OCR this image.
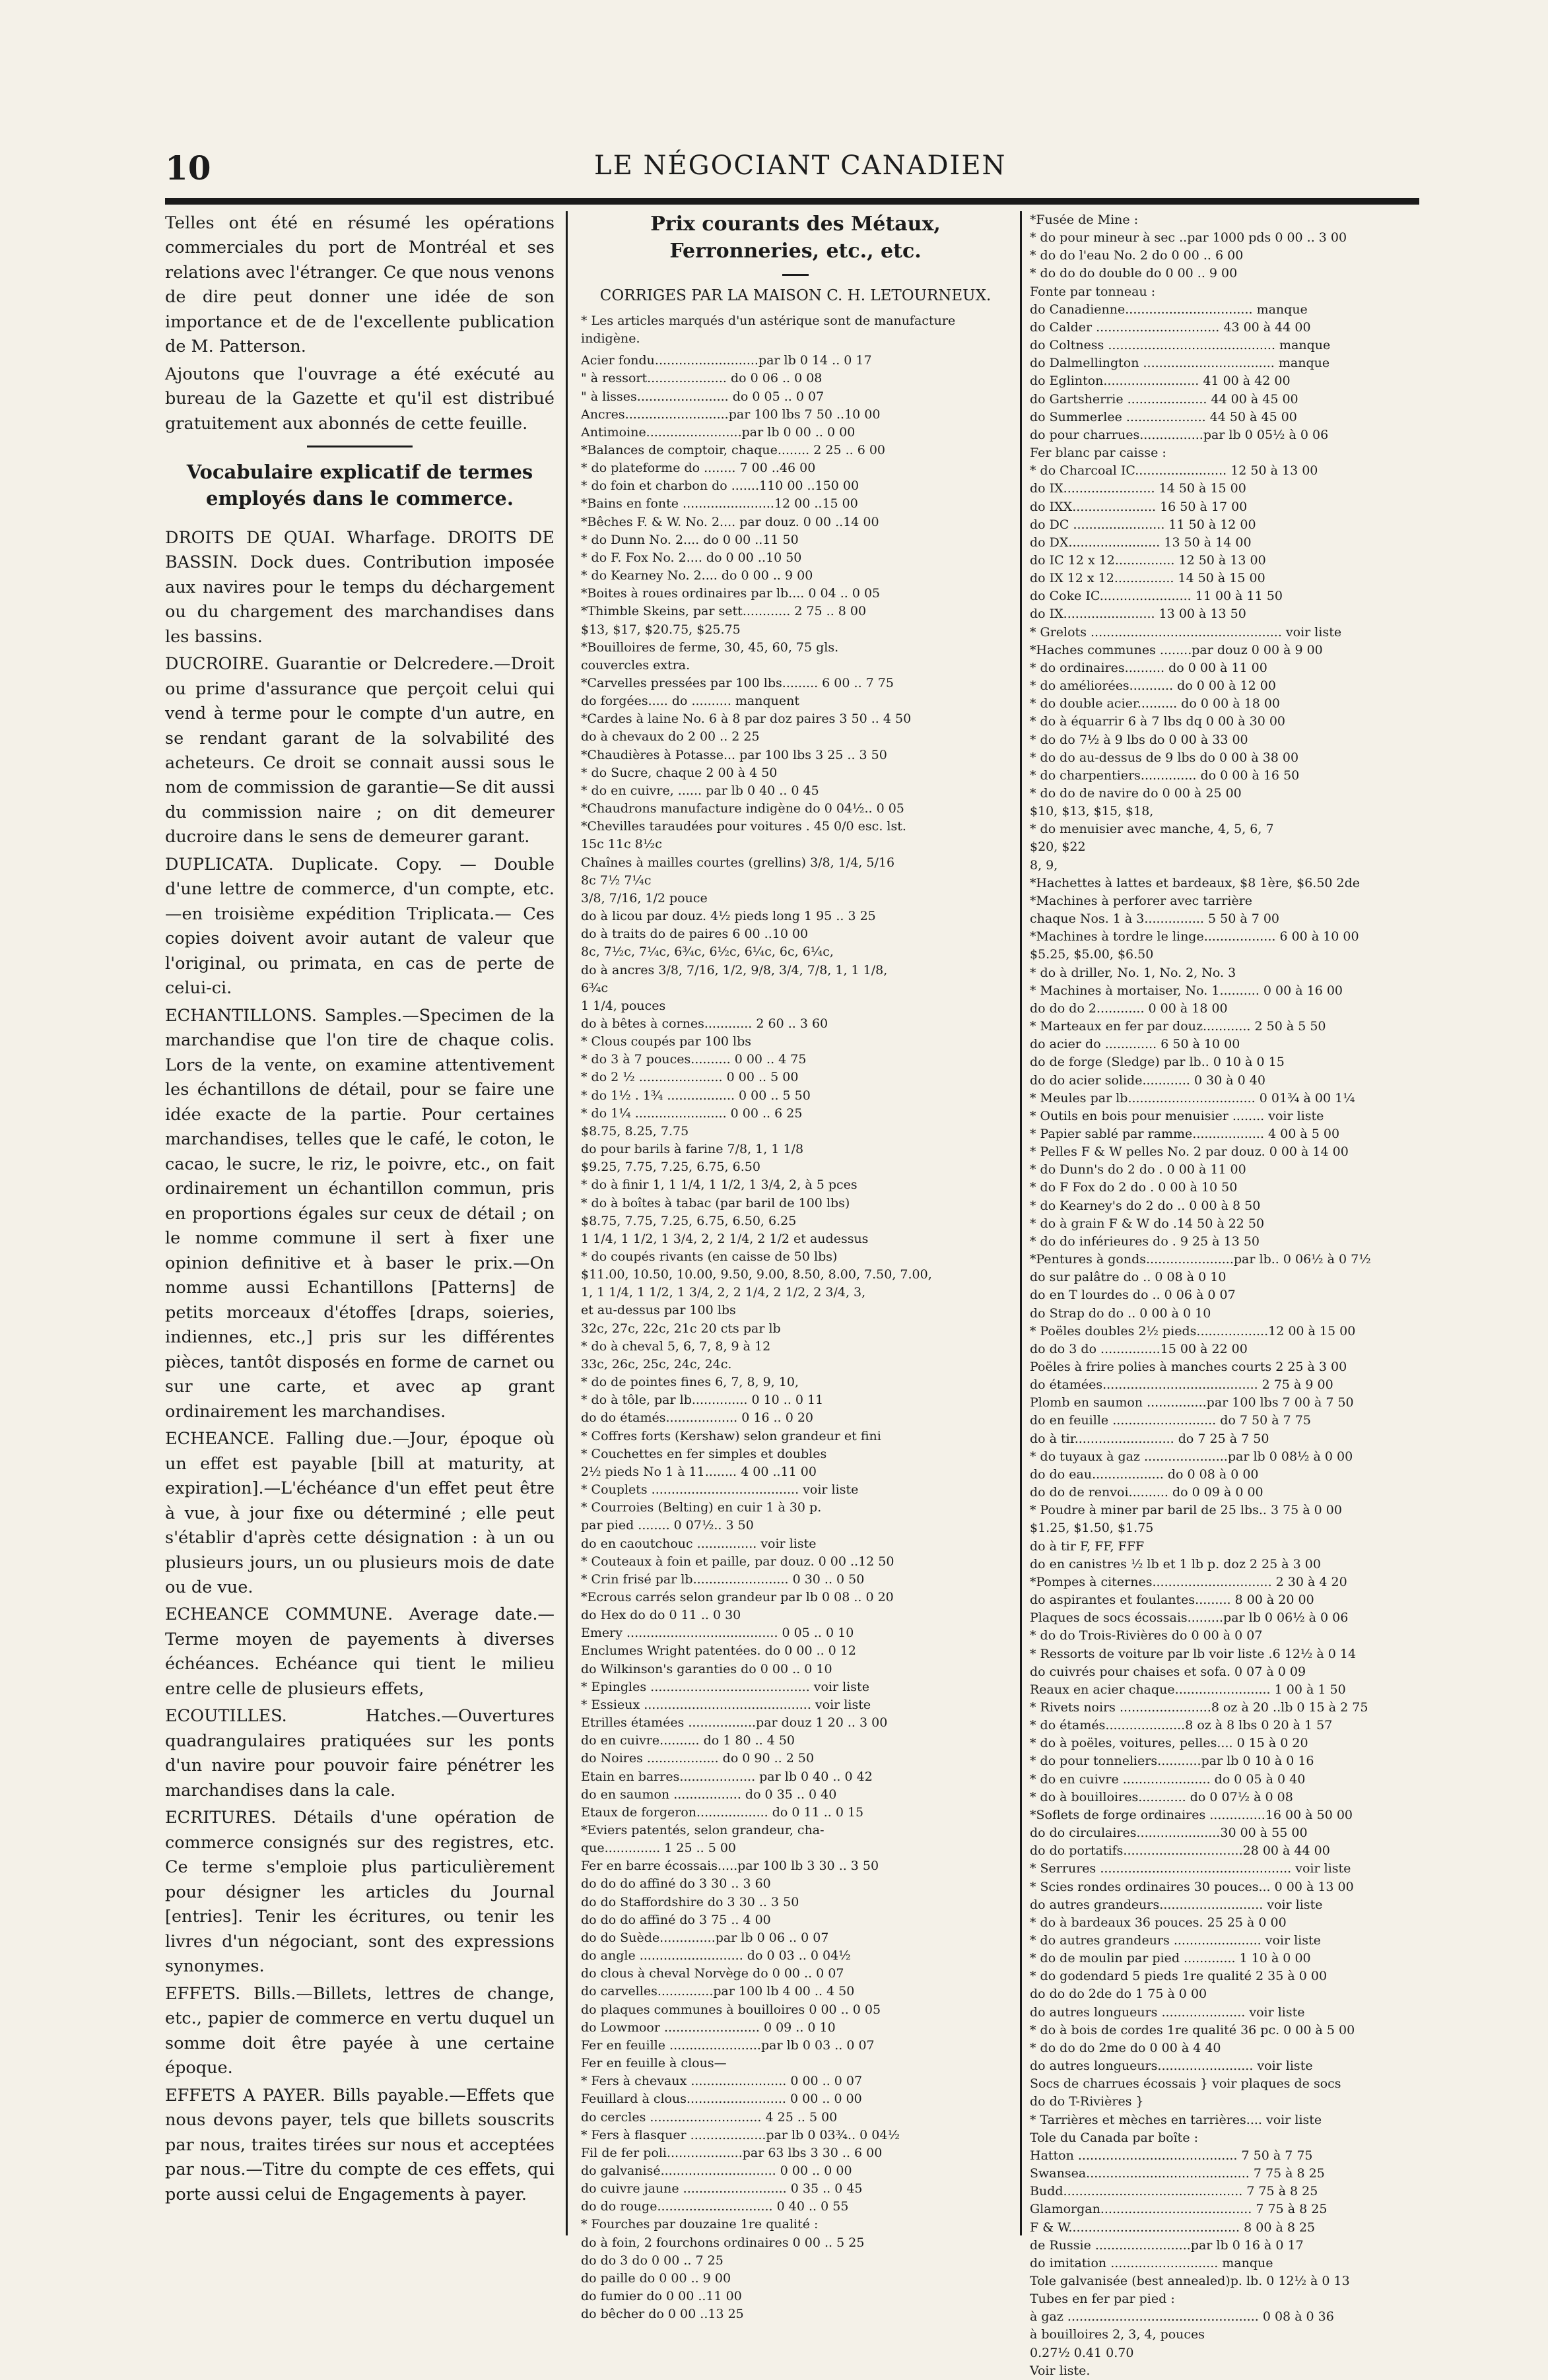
10	LE NÉGOCIANT CANADIEN

Telles ont été en résumé les opérations commerciales du port de Montréal et ses relations avec l'étranger. Ce que nous venons de dire peut donner une idée de son importance et de de l'excellente publication de M. Patterson.

Ajoutons que l'ouvrage a été exécuté au bureau de la Gazette et qu'il est distribué gratuitement aux abonnés de cette feuille.

Vocabulaire explicatif de termes employés dans le commerce.

DROITS DE QUAI. Wharfage. DROITS DE BASSIN. Dock dues. Contribution imposée aux navires pour le temps du déchargement ou du chargement des marchandises dans les bassins.

DUCROIRE. Guarantie or Delcredere.—Droit ou prime d'assurance que perçoit celui qui vend à terme pour le compte d'un autre, en se rendant garant de la solvabilité des acheteurs. Ce droit se connait aussi sous le nom de commission de garantie—Se dit aussi du commission naire ; on dit demeurer ducroire dans le sens de demeurer garant.

DUPLICATA. Duplicate. Copy. — Double d'une lettre de commerce, d'un compte, etc. —en troisième expédition Triplicata.— Ces copies doivent avoir autant de valeur que l'original, ou primata, en cas de perte de celui-ci.

ECHANTILLONS. Samples.—Specimen de la marchandise que l'on tire de chaque colis. Lors de la vente, on examine attentivement les échantillons de détail, pour se faire une idée exacte de la partie. Pour certaines marchandises, telles que le café, le coton, le cacao, le sucre, le riz, le poivre, etc., on fait ordinairement un échantillon commun, pris en proportions égales sur ceux de détail ; on le nomme commune il sert à fixer une opinion definitive et à baser le prix.—On nomme aussi Echantillons [Patterns] de petits morceaux d'étoffes [draps, soieries, indiennes, etc.,] pris sur les différentes pièces, tantôt disposés en forme de carnet ou sur une carte, et avec ap grant ordinairement les marchandises.

ECHEANCE. Falling due.—Jour, époque où un effet est payable [bill at maturity, at expiration].—L'échéance d'un effet peut être à vue, à jour fixe ou déterminé ; elle peut s'établir d'après cette désignation : à un ou plusieurs jours, un ou plusieurs mois de date ou de vue.

ECHEANCE COMMUNE. Average date.—Terme moyen de payements à diverses échéances. Echéance qui tient le milieu entre celle de plusieurs effets,

ECOUTILLES. Hatches.—Ouvertures quadrangulaires pratiquées sur les ponts d'un navire pour pouvoir faire pénétrer les marchandises dans la cale.

ECRITURES. Détails d'une opération de commerce consignés sur des registres, etc. Ce terme s'emploie plus particulièrement pour désigner les articles du Journal [entries]. Tenir les écritures, ou tenir les livres d'un négociant, sont des expressions synonymes.

EFFETS. Bills.—Billets, lettres de change, etc., papier de commerce en vertu duquel un somme doit être payée à une certaine époque.

EFFETS A PAYER. Bills payable.—Effets que nous devons payer, tels que billets souscrits par nous, traites tirées sur nous et acceptées par nous.—Titre du compte de ces effets, qui porte aussi celui de Engagements à payer.

Prix courants des Métaux, Ferronneries, etc., etc.
CORRIGES PAR LA MAISON C. H. LETOURNEUX.
* Les articles marqués d'un astérique sont de manufacture indigène.
Acier fondu..........................par lb 0 14 .. 0 17
" à ressort.................... do 0 06 .. 0 08
" à lisses....................... do 0 05 .. 0 07
Ancres..........................par 100 lbs 7 50 ..10 00
Antimoine........................par lb 0 00 .. 0 00
*Balances de comptoir, chaque........ 2 25 .. 6 00
* do plateforme do ........ 7 00 ..46 00
* do foin et charbon do .......110 00 ..150 00
*Bains en fonte .......................12 00 ..15 00
*Bêches F. & W. No. 2.... par douz. 0 00 ..14 00
* do Dunn No. 2.... do 0 00 ..11 50
* do F. Fox No. 2.... do 0 00 ..10 50
* do Kearney No. 2.... do 0 00 .. 9 00
*Boites à roues ordinaires par lb.... 0 04 .. 0 05
*Thimble Skeins, par sett............ 2 75 .. 8 00
$13, $17, $20.75, $25.75
*Bouilloires de ferme, 30, 45, 60, 75 gls.
couvercles extra.
*Carvelles pressées par 100 lbs......... 6 00 .. 7 75
do forgées..... do .......... manquent
*Cardes à laine No. 6 à 8 par doz paires 3 50 .. 4 50
do à chevaux do 2 00 .. 2 25
*Chaudières à Potasse... par 100 lbs 3 25 .. 3 50
* do Sucre, chaque 2 00 à 4 50
* do en cuivre, ...... par lb 0 40 .. 0 45
*Chaudrons manufacture indigène do 0 04½.. 0 05
*Chevilles taraudées pour voitures . 45 0/0 esc. lst.
15c 11c 8½c
Chaînes à mailles courtes (grellins) 3/8, 1/4, 5/16
8c 7½ 7¼c
3/8, 7/16, 1/2 pouce
do à licou par douz. 4½ pieds long 1 95 .. 3 25
do à traits do de paires 6 00 ..10 00
8c, 7½c, 7¼c, 6¾c, 6½c, 6¼c, 6c, 6¼c,
do à ancres 3/8, 7/16, 1/2, 9/8, 3/4, 7/8, 1, 1 1/8,
6¾c
1 1/4, pouces
do à bêtes à cornes............ 2 60 .. 3 60
* Clous coupés par 100 lbs
* do 3 à 7 pouces.......... 0 00 .. 4 75
* do 2 ½ ..................... 0 00 .. 5 00
* do 1½ . 1¾ ................. 0 00 .. 5 50
* do 1¼ ....................... 0 00 .. 6 25
$8.75, 8.25, 7.75
do pour barils à farine 7/8, 1, 1 1/8
$9.25, 7.75, 7.25, 6.75, 6.50
* do à finir 1, 1 1/4, 1 1/2, 1 3/4, 2, à 5 pces
* do à boîtes à tabac (par baril de 100 lbs)
$8.75, 7.75, 7.25, 6.75, 6.50, 6.25
1 1/4, 1 1/2, 1 3/4, 2, 2 1/4, 2 1/2 et audessus
* do coupés rivants (en caisse de 50 lbs)
$11.00, 10.50, 10.00, 9.50, 9.00, 8.50, 8.00, 7.50, 7.00,
1, 1 1/4, 1 1/2, 1 3/4, 2, 2 1/4, 2 1/2, 2 3/4, 3,
et au-dessus par 100 lbs
32c, 27c, 22c, 21c 20 cts par lb
* do à cheval 5, 6, 7, 8, 9 à 12
33c, 26c, 25c, 24c, 24c.
* do de pointes fines 6, 7, 8, 9, 10,
* do à tôle, par lb.............. 0 10 .. 0 11
do do étamés.................. 0 16 .. 0 20
* Coffres forts (Kershaw) selon grandeur et fini
* Couchettes en fer simples et doubles
2½ pieds No 1 à 11........ 4 00 ..11 00
* Couplets ..................................... voir liste
* Courroies (Belting) en cuir 1 à 30 p.
par pied ........ 0 07½.. 3 50
do en caoutchouc ............... voir liste
* Couteaux à foin et paille, par douz. 0 00 ..12 50
* Crin frisé par lb........................ 0 30 .. 0 50
*Ecrous carrés selon grandeur par lb 0 08 .. 0 20
do Hex do do 0 11 .. 0 30
Emery ...................................... 0 05 .. 0 10
Enclumes Wright patentées. do 0 00 .. 0 12
do Wilkinson's garanties do 0 00 .. 0 10
* Epingles ........................................ voir liste
* Essieux .......................................... voir liste
Etrilles étamées .................par douz 1 20 .. 3 00
do en cuivre.......... do 1 80 .. 4 50
do Noires .................. do 0 90 .. 2 50
Etain en barres................... par lb 0 40 .. 0 42
do en saumon ................. do 0 35 .. 0 40
Etaux de forgeron.................. do 0 11 .. 0 15
*Eviers patentés, selon grandeur, cha-
que.............. 1 25 .. 5 00
Fer en barre écossais.....par 100 lb 3 30 .. 3 50
do do do affiné do 3 30 .. 3 60
do do Staffordshire do 3 30 .. 3 50
do do do affiné do 3 75 .. 4 00
do do Suède..............par lb 0 06 .. 0 07
do angle .......................... do 0 03 .. 0 04½
do clous à cheval Norvège do 0 00 .. 0 07
do carvelles..............par 100 lb 4 00 .. 4 50
do plaques communes à bouilloires 0 00 .. 0 05
do Lowmoor ........................ 0 09 .. 0 10
Fer en feuille .......................par lb 0 03 .. 0 07
Fer en feuille à clous—
* Fers à chevaux ........................ 0 00 .. 0 07
Feuillard à clous......................... 0 00 .. 0 00
do cercles ............................ 4 25 .. 5 00
* Fers à flasquer ...................par lb 0 03¾.. 0 04½
Fil de fer poli...................par 63 lbs 3 30 .. 6 00
do galvanisé............................. 0 00 .. 0 00
do cuivre jaune .......................... 0 35 .. 0 45
do do rouge............................. 0 40 .. 0 55
* Fourches par douzaine 1re qualité :
do à foin, 2 fourchons ordinaires 0 00 .. 5 25
do do 3 do 0 00 .. 7 25
do paille do 0 00 .. 9 00
do fumier do 0 00 ..11 00
do bêcher do 0 00 ..13 25
*Fusée de Mine :
* do pour mineur à sec ..par 1000 pds 0 00 .. 3 00
* do do l'eau No. 2 do 0 00 .. 6 00
* do do do double do 0 00 .. 9 00
Fonte par tonneau :
do Canadienne................................ manque
do Calder ............................... 43 00 à 44 00
do Coltness .......................................... manque
do Dalmellington ................................. manque
do Eglinton........................ 41 00 à 42 00
do Gartsherrie .................... 44 00 à 45 00
do Summerlee .................... 44 50 à 45 00
do pour charrues................par lb 0 05½ à 0 06
Fer blanc par caisse :
* do Charcoal IC....................... 12 50 à 13 00
do IX....................... 14 50 à 15 00
do IXX..................... 16 50 à 17 00
do DC ....................... 11 50 à 12 00
do DX....................... 13 50 à 14 00
do IC 12 x 12............... 12 50 à 13 00
do IX 12 x 12............... 14 50 à 15 00
do Coke IC....................... 11 00 à 11 50
do IX....................... 13 00 à 13 50
* Grelots ................................................ voir liste
*Haches communes ........par douz 0 00 à 9 00
* do ordinaires.......... do 0 00 à 11 00
* do améliorées........... do 0 00 à 12 00
* do double acier.......... do 0 00 à 18 00
* do à équarrir 6 à 7 lbs dq 0 00 à 30 00
* do do 7½ à 9 lbs do 0 00 à 33 00
* do do au-dessus de 9 lbs do 0 00 à 38 00
* do charpentiers.............. do 0 00 à 16 50
* do do de navire do 0 00 à 25 00
$10, $13, $15, $18,
* do menuisier avec manche, 4, 5, 6, 7
$20, $22
8, 9,
*Hachettes à lattes et bardeaux, $8 1ère, $6.50 2de
*Machines à perforer avec tarrière
chaque Nos. 1 à 3............... 5 50 à 7 00
*Machines à tordre le linge.................. 6 00 à 10 00
$5.25, $5.00, $6.50
* do à driller, No. 1, No. 2, No. 3
* Machines à mortaiser, No. 1.......... 0 00 à 16 00
do do do 2............ 0 00 à 18 00
* Marteaux en fer par douz............ 2 50 à 5 50
do acier do ............. 6 50 à 10 00
do de forge (Sledge) par lb.. 0 10 à 0 15
do do acier solide............ 0 30 à 0 40
* Meules par lb................................ 0 01¾ à 00 1¼
* Outils en bois pour menuisier ........ voir liste
* Papier sablé par ramme.................. 4 00 à 5 00
* Pelles F & W pelles No. 2 par douz. 0 00 à 14 00
* do Dunn's do 2 do . 0 00 à 11 00
* do F Fox do 2 do . 0 00 à 10 50
* do Kearney's do 2 do .. 0 00 à 8 50
* do à grain F & W do .14 50 à 22 50
* do do inférieures do . 9 25 à 13 50
*Pentures à gonds......................par lb.. 0 06½ à 0 7½
do sur palâtre do .. 0 08 à 0 10
do en T lourdes do .. 0 06 à 0 07
do Strap do do .. 0 00 à 0 10
* Poëles doubles 2½ pieds..................12 00 à 15 00
do do 3 do ...............15 00 à 22 00
Poëles à frire polies à manches courts 2 25 à 3 00
do étamées....................................... 2 75 à 9 00
Plomb en saumon ...............par 100 lbs 7 00 à 7 50
do en feuille .......................... do 7 50 à 7 75
do à tir......................... do 7 25 à 7 50
* do tuyaux à gaz .....................par lb 0 08½ à 0 00
do do eau.................. do 0 08 à 0 00
do do de renvoi.......... do 0 09 à 0 00
* Poudre à miner par baril de 25 lbs.. 3 75 à 0 00
$1.25, $1.50, $1.75
do à tir F, FF, FFF
do en canistres ½ lb et 1 lb p. doz 2 25 à 3 00
*Pompes à citernes.............................. 2 30 à 4 20
do aspirantes et foulantes......... 8 00 à 20 00
Plaques de socs écossais.........par lb 0 06½ à 0 06
* do do Trois-Rivières do 0 00 à 0 07
* Ressorts de voiture par lb voir liste .6 12½ à 0 14
do cuivrés pour chaises et sofa. 0 07 à 0 09
Reaux en acier chaque........................ 1 00 à 1 50
* Rivets noirs .......................8 oz à 20 ..lb 0 15 à 2 75
* do étamés....................8 oz à 8 lbs 0 20 à 1 57
* do à poëles, voitures, pelles.... 0 15 à 0 20
* do pour tonneliers...........par lb 0 10 à 0 16
* do en cuivre ...................... do 0 05 à 0 40
* do à bouilloires............ do 0 07½ à 0 08
*Soflets de forge ordinaires ..............16 00 à 50 00
do do circulaires.....................30 00 à 55 00
do do portatifs..............................28 00 à 44 00
* Serrures ................................................ voir liste
* Scies rondes ordinaires 30 pouces... 0 00 à 13 00
do autres grandeurs.......................... voir liste
* do à bardeaux 36 pouces. 25 25 à 0 00
* do autres grandeurs ...................... voir liste
* do de moulin par pied ............. 1 10 à 0 00
* do godendard 5 pieds 1re qualité 2 35 à 0 00
do do do 2de do 1 75 à 0 00
do autres longueurs ..................... voir liste
* do à bois de cordes 1re qualité 36 pc. 0 00 à 5 00
* do do do 2me do 0 00 à 4 40
do autres longueurs........................ voir liste
Socs de charrues écossais } voir plaques de socs
do do T-Rivières }
* Tarrières et mèches en tarrières.... voir liste
Tole du Canada par boîte :
Hatton ........................................ 7 50 à 7 75
Swansea......................................... 7 75 à 8 25
Budd............................................. 7 75 à 8 25
Glamorgan...................................... 7 75 à 8 25
F & W........................................... 8 00 à 8 25
de Russie ........................par lb 0 16 à 0 17
do imitation ........................... manque
Tole galvanisée (best annealed)p. lb. 0 12½ à 0 13
Tubes en fer par pied :
à gaz ................................................ 0 08 à 0 36
à bouilloires 2, 3, 4, pouces
0.27½ 0.41 0.70
Voir liste.
